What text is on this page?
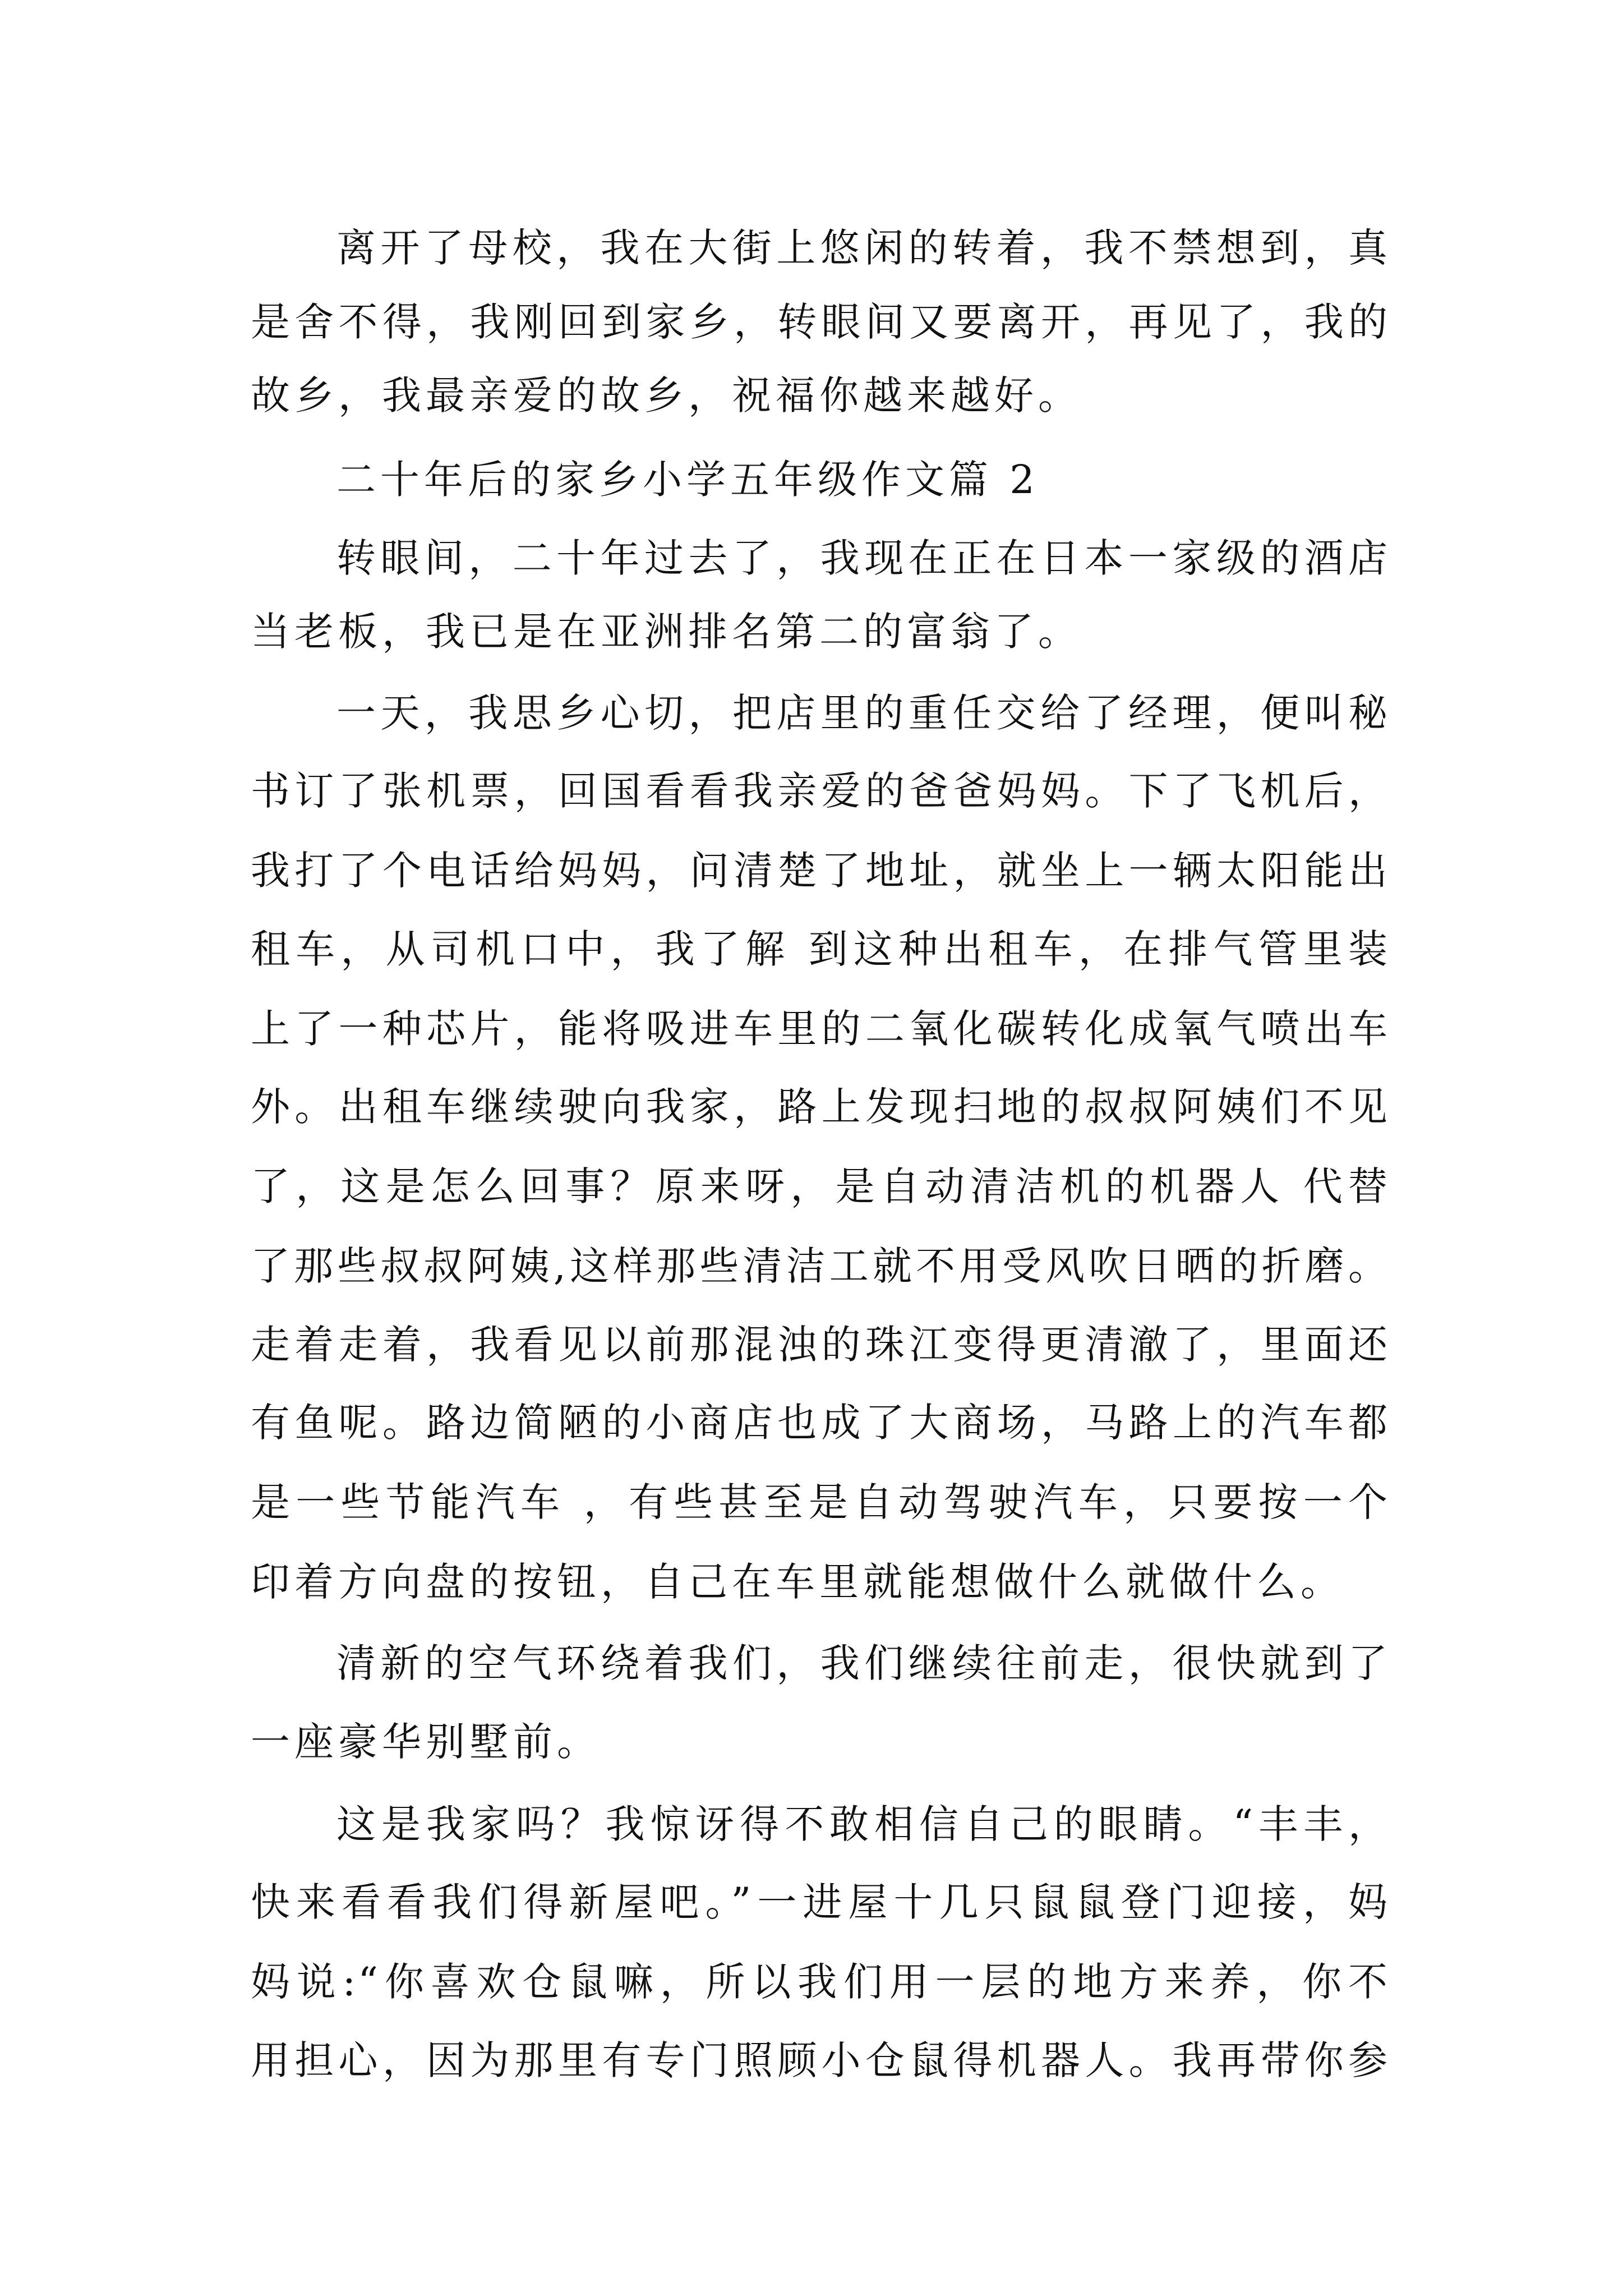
离开了母校，我在大街上悠闲的转着，我不禁想到，真
是舍不得，我刚回到家乡，转眼间又要离开，再见了，我的
故乡，我最亲爱的故乡，祝福你越来越好。
二十年后的家乡小学五年级作文篇 2
转眼间，二十年过去了，我现在正在日本一家级的酒店
当老板，我已是在亚洲排名第二的富翁了。
一天，我思乡心切，把店里的重任交给了经理，便叫秘
书订了张机票，回国看看我亲爱的爸爸妈妈。下了飞机后，
我打了个电话给妈妈，问清楚了地址，就坐上一辆太阳能出
租车，从司机口中，我了解 到这种出租车，在排气管里装
上了一种芯片，能将吸进车里的二氧化碳转化成氧气喷出车
外。出租车继续驶向我家，路上发现扫地的叔叔阿姨们不见
了，这是怎么回事？原来呀，是自动清洁机的机器人 代替
了那些叔叔阿姨,这样那些清洁工就不用受风吹日晒的折磨。
走着走着，我看见以前那混浊的珠江变得更清澈了，里面还
有鱼呢。路边简陋的小商店也成了大商场，马路上的汽车都
是一些节能汽车 ，有些甚至是自动驾驶汽车，只要按一个
印着方向盘的按钮，自己在车里就能想做什么就做什么。
清新的空气环绕着我们，我们继续往前走，很快就到了
一座豪华别墅前。
这是我家吗？我惊讶得不敢相信自己的眼睛。“丰丰，
快来看看我们得新屋吧。”一进屋十几只鼠鼠登门迎接，妈
妈说:“你喜欢仓鼠嘛，所以我们用一层的地方来养，你不
用担心，因为那里有专门照顾小仓鼠得机器人。我再带你参
